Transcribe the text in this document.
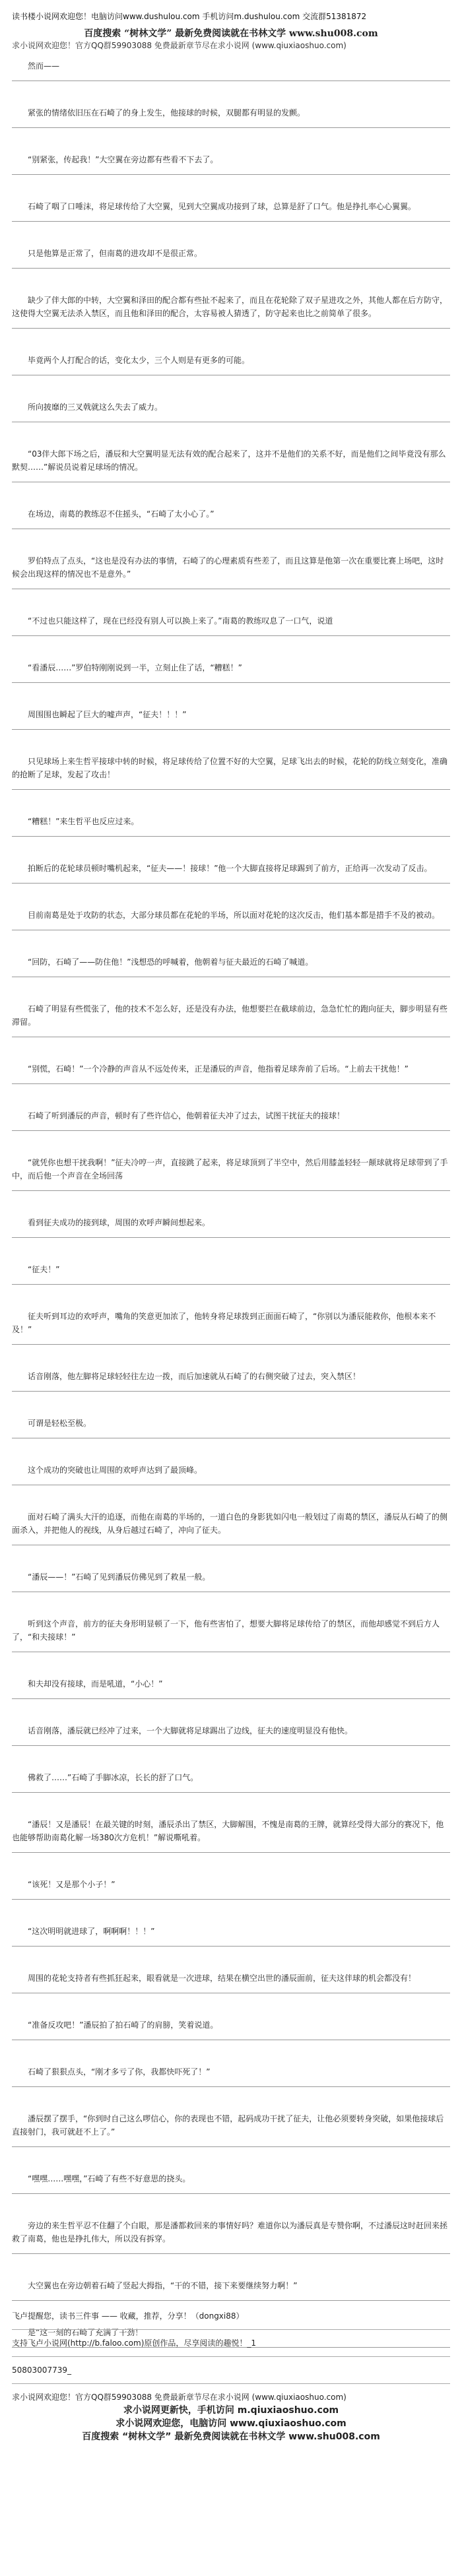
读书楼小说网欢迎您！电脑访问www.dushulou.com 手机访问m.dushulou.com 交流群51381872
百度搜索 “树林文学” 最新免费阅读就在书林文学 www.shu008.com
求小说网欢迎您！官方QQ群59903088 免费最新章节尽在求小说网 (www.qiuxiaoshuo.com)
然而——
紧张的情绪依旧压在石崎了的身上发生，他接球的时候，双腿都有明显的发颤。
“别紧张，传起我！”大空翼在旁边都有些看不下去了。
石崎了咽了口唾沫，将足球传给了大空翼，见到大空翼成功接到了球，总算是舒了口气。他是挣扎率心心翼翼。
只是他算是正常了，但南葛的进攻却不是很正常。
缺少了伴大郎的中转，大空翼和泽田的配合都有些扯不起来了，而且在花轮除了双子星进攻之外，其他人都在后方防守，这使得大空翼无法杀入禁区，而且他和泽田的配合，太容易被人猜透了，防守起来也比之前简单了很多。
毕竟两个人打配合的话，变化太少，三个人则是有更多的可能。
所向披靡的三叉戟就这么失去了威力。
“03伴大郎下场之后，潘辰和大空翼明显无法有效的配合起来了，这并不是他们的关系不好，而是他们之间毕竟没有那么默契……”解说员说着足球场的情况。
在场边，南葛的教练忍不住摇头，“石崎了太小心了。”
罗伯特点了点头，“这也是没有办法的事情，石崎了的心理素质有些差了，而且这算是他第一次在重要比赛上场吧，这时候会出现这样的情况也不是意外。”
“不过也只能这样了，现在已经没有别人可以换上来了。”南葛的教练叹息了一口气，说道
“看潘辰……”罗伯特刚刚说到一半，立刻止住了话，“糟糕！”
周围围也瞬起了巨大的嘘声声，“征夫！！！”
只见球场上来生哲平接球中转的时候，将足球传给了位置不好的大空翼，足球飞出去的时候，花轮的防线立刻变化，准确的抢断了足球，发起了攻击！
“糟糕！”来生哲平也反应过来。
拍断后的花轮球员顿时嘴机起来，“征夫——！接球！”他一个大脚直接将足球踢到了前方，正给再一次发动了反击。
目前南葛是处于攻防的状态，大部分球员都在花轮的半场，所以面对花轮的这次反击，他们基本都是措手不及的被动。
“回防，石崎了——防住他！”浅想恐的呼喊着，他朝着与征夫最近的石崎了喊道。
石崎了明显有些慌张了，他的技术不怎么好，还是没有办法，他想要拦在截球前边，急急忙忙的跑向征夫，脚步明显有些滞留。
“别慌，石崎！”一个冷静的声音从不远处传来，正是潘辰的声音，他指着足球奔前了后场。“上前去干扰他！”
石崎了听到潘辰的声音，顿时有了些许信心，他朝着征夫冲了过去，试图干扰征夫的接球！
“就凭你也想干扰我啊！”征夫冷哼一声，直接跳了起来，将足球顶到了半空中，然后用膝盖轻轻一颠球就将足球带到了手中，而后他一个声音在全场回荡
看到征夫成功的接到球，周围的欢呼声瞬间想起来。
“征夫！”
征夫听到耳边的欢呼声，嘴角的笑意更加浓了，他转身将足球拨到正面面石崎了，“你别以为潘辰能救你，他根本来不及！”
话音刚落，他左脚将足球轻轻往左边一拨，而后加速就从石崎了的右侧突破了过去，突入禁区！
可谓是轻松至极。
这个成功的突破也让周围的欢呼声达到了最顶峰。
面对石崎了满头大汗的追逐，而他在南葛的半场的，一道白色的身影犹如闪电一般划过了南葛的禁区，潘辰从石崎了的侧面杀入，并把他人的视线，从身后越过石崎了，冲向了征夫。
“潘辰——！”石崎了见到潘辰仿佛见到了救星一般。
听到这个声音，前方的征夫身形明显顿了一下，他有些害怕了，想要大脚将足球传给了的禁区，而他却感觉不到后方人了，“和夫接球！”
和夫却没有接球，而是吼道，“小心！”
话音刚落，潘辰就已经冲了过来，一个大脚就将足球踢出了边线，征夫的速度明显没有他快。
佛救了……”石崎了手脚冰凉，长长的舒了口气。
“潘辰！又是潘辰！在最关键的时刻，潘辰杀出了禁区，大脚解围，不愧是南葛的王牌，就算经受得大部分的赛况下，他也能够帮助南葛化解一场380次方危机！”解说嘶吼着。
“该死！又是那个小子！”
“这次明明就进球了，啊啊啊！！！”
周围的花轮支持者有些抓狂起来，眼看就是一次进球，结果在横空出世的潘辰面前，征夫这伴球的机会都没有！
“准备反攻吧！”潘辰拍了拍石崎了的肩膀，笑着说道。
石崎了狠狠点头，“刚才多亏了你，我都快吓死了！”
潘辰摆了摆手，“你到时自己这么啰信心，你的表现也不错，起码成功干扰了征夫，让他必须要转身突破，如果他接球后直接射门，我可就赶不上了。”
“嘿嘿……嘿嘿，”石崎了有些不好意思的挠头。
旁边的来生哲平忍不住翻了个白眼，那是潘都救回来的事情好吗？难道你以为潘辰真是专赞你啊，不过潘辰这时赶回来拯救了南葛，他也是挣扎伟大，所以没有拆穿。
大空翼也在旁边朝着石崎了竖起大拇指，“干的不错，接下来要继续努力啊！”
是”这一刻的石崎了充满了干劲！
飞卢提醒您，读书三件事 —— 收藏，推荐，分享！（dongxi88）
支持飞卢小说网(http://b.faloo.com)原创作品，尽享阅读的趣悦！_1
50803007739_
求小说网欢迎您！官方QQ群59903088 免费最新章节尽在求小说网 (www.qiuxiaoshuo.com)
求小说网更新快，手机访问 m.qiuxiaoshuo.com
求小说网欢迎您，电脑访问 www.qiuxiaoshuo.com
百度搜索 “树林文学” 最新免费阅读就在书林文学 www.shu008.com
